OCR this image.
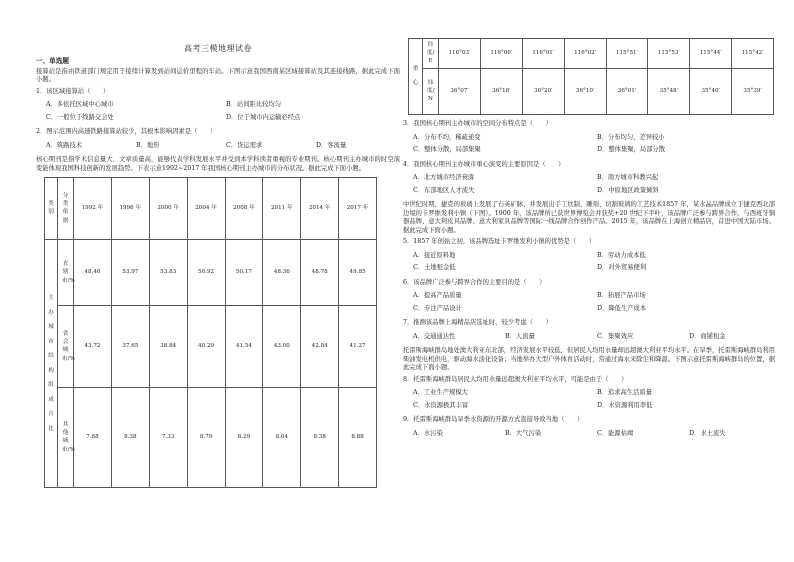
高考三模地理试卷
一、单选题

接算站是指由铁道部门规定用于接续计算发到站间运价里程的车站。下图示意我国西南某区域接算站及其连接线路，据此完成下面小题。

1．该区域接算站（　　）
A．多依托区域中心城市	B．站间距比较均匀
C．一般位于线路交会处	D．位于城市内运输必经点
2．图示范围内高速铁路接算站较少，其根本影响因素是（　　）
A．筑路技术	B．地形	C．货运需求	D．客流量

核心期刊是指学术信息量大、文章质量高，能够代表学科发展水平并受到本学科读者重视的专业期刊。核心期刊主办城市的时空演变能体现我国科技创新的发展趋势。下表示意1992~2017 年我国核心期刊主办城市的分布状况。据此完成下面小题。

类别	分类依据	1992 年	1996 年	2000 年	2004 年	2008 年	2011 年	2014 年	2017 年
主办城市结构组成占比	直辖市/%	48.40	53.97	53.83	50.92	50.17	48.36	48.78	49.85
	省会城市/%	43.72	37.65	38.84	40.29	41.54	43.00	42.84	41.27
	其他城市/%	7.88	8.38	7.33	8.79	8.29	8.64	8.38	8.88
重心	经度/E	116°03′	116°06′	116°01′	116°02′	115°51′	115°53′	115°44′	115°42′
	纬度/N	36°07′	36°18′	36°20′	36°10′	36°01′	35°48′	35°40′	35°39′
3．我国核心期刊主办城市的空间分布特点是（　　）
A．分布不均，稀疏递变	B．分布均匀，差异较小
C．整体分散，局部集聚	D．整体集聚，局部分散
4．我国核心期刊主办城市重心演变的主要原因是（　　）
A．北方城市经济衰落	B．南方城市科教兴起
C．东部地区人才流失	D．中原地区政策倾斜

中世纪时期，捷克的玻璃上发展了石英矿脉，并发展出手工炊制、雕刻、切割玻璃的工艺技术1857 年，某水晶品牌成立于捷克西北部边境的卡罗维发利小镇（下图）。1900 年，该品牌所已获世界博览会并获奖+20 世纪下半叶，该品牌广泛参与跨界合作，与西班牙铜器品牌、意大利皮具品牌、意大利家具品牌等国际一线品牌合作创作产品。2015 年，该品牌在上海创立精品店，首进中国大陆市场。据此完成下面小题。

5．1857 年创始之初，该品牌选址卡罗维发利小镇的优势是（　　）
A．接近原料地	B．劳动力成本低
C．土地租金低	D．对外贸易便利
6．该品牌广泛参与跨界合作的主要目的是（　　）
A．提高产品质量	B．拓展产品市场
C．专注产品设计	D．降低生产成本
7．推测该品牌上海精品店选址时，较少考虑（　　）
A．交通通达性	B．人流量	C．集聚效应	D．商铺租金

托雷斯海峡群岛地处澳大利亚东北部，经济发展水平较低，但居民人均用水量却远超澳大利亚平均水平。在旱季，托雷斯海峡群岛利用柴油发电机供电，驱动海水淡化设备；当地举办大型户外体育活动时，常通过海水来除尘和降温。下图示意托雷斯海峡群岛的位置，据此完成下面小题。

8．托雷斯海峡群岛居民人均用水量远超澳大利亚平均水平，可能是由于（　　）
A．工业生产规模大	B．追求高生活质量
C．水资源极其丰富	D．水资源利用率低
9．托雷斯海峡群岛旱季水资源的开源方式直接导致当地（　　）
A．水污染	B．大气污染	C．能源枯竭	D．水土流失
